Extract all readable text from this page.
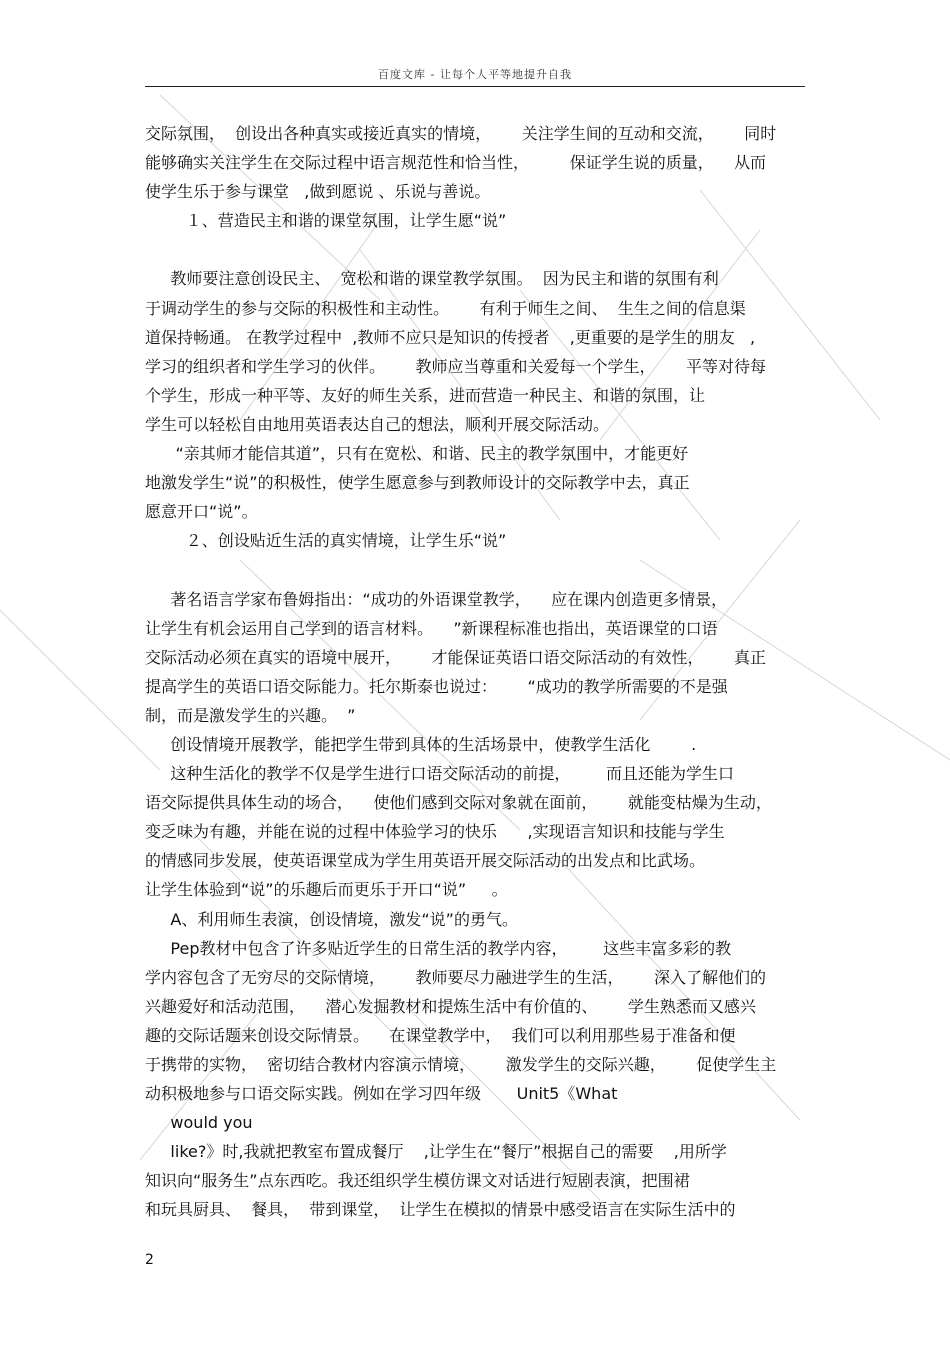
百度文库 - 让每个人平等地提升自我
交际氛围，  创设出各种真实或接近真实的情境，      关注学生间的互动和交流，      同时
能够确实关注学生在交际过程中语言规范性和恰当性，        保证学生说的质量，    从而
使学生乐于参与课堂   ,做到愿说 、乐说与善说。
１、营造民主和谐的课堂氛围，让学生愿“说”
教师要注意创设民主、  宽松和谐的课堂教学氛围。  因为民主和谐的氛围有利
于调动学生的参与交际的积极性和主动性。      有利于师生之间、  生生之间的信息渠
道保持畅通。 在教学过程中  ,教师不应只是知识的传授者    ,更重要的是学生的朋友   ,
学习的组织者和学生学习的伙伴。      教师应当尊重和关爱每一个学生，      平等对待每
个学生，形成一种平等、友好的师生关系，进而营造一种民主、和谐的氛围，让
学生可以轻松自由地用英语表达自己的想法，顺利开展交际活动。
“亲其师才能信其道”，只有在宽松、和谐、民主的教学氛围中，才能更好
地激发学生“说”的积极性，使学生愿意参与到教师设计的交际教学中去，真正
愿意开口“说”。
２、创设贴近生活的真实情境，让学生乐“说”
著名语言学家布鲁姆指出：“成功的外语课堂教学，    应在课内创造更多情景，
让学生有机会运用自己学到的语言材料。    ”新课程标准也指出，英语课堂的口语
交际活动必须在真实的语境中展开，      才能保证英语口语交际活动的有效性，      真正
提高学生的英语口语交际能力。托尔斯泰也说过：      “成功的教学所需要的不是强
制，而是激发学生的兴趣。  ”
创设情境开展教学，能把学生带到具体的生活场景中，使教学生活化        .
这种生活化的教学不仅是学生进行口语交际活动的前提，       而且还能为学生口
语交际提供具体生动的场合，    使他们感到交际对象就在面前，      就能变枯燥为生动，
变乏味为有趣，并能在说的过程中体验学习的快乐      ,实现语言知识和技能与学生
的情感同步发展，使英语课堂成为学生用英语开展交际活动的出发点和比武场。
让学生体验到“说”的乐趣后而更乐于开口“说”     。
A、利用师生表演，创设情境，激发“说”的勇气。
Pep教材中包含了许多贴近学生的日常生活的教学内容，       这些丰富多彩的教
学内容包含了无穷尽的交际情境，      教师要尽力融进学生的生活，      深入了解他们的
兴趣爱好和活动范围，    潜心发掘教材和提炼生活中有价值的、      学生熟悉而又感兴
趣的交际话题来创设交际情景。    在课堂教学中，  我们可以利用那些易于准备和便
于携带的实物，  密切结合教材内容演示情境，      激发学生的交际兴趣，      促使学生主
动积极地参与口语交际实践。例如在学习四年级       Unit5《What
would you
like?》时,我就把教室布置成餐厅    ,让学生在“餐厅”根据自己的需要    ,用所学
知识向“服务生”点东西吃。我还组织学生模仿课文对话进行短剧表演，把围裙
和玩具厨具、  餐具，  带到课堂，  让学生在模拟的情景中感受语言在实际生活中的
2
